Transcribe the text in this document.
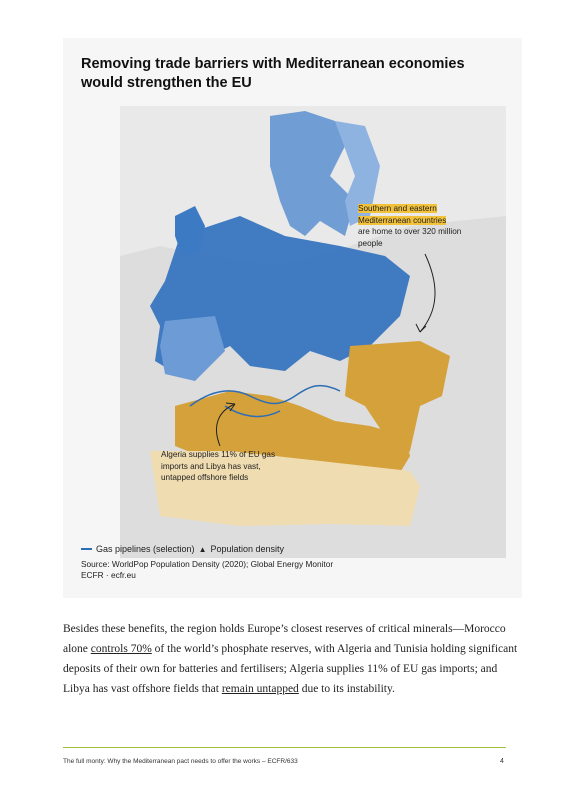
Removing trade barriers with Mediterranean economies would strengthen the EU
Southern and eastern
Mediterranean countries
are home to over 320 million
people
Algeria supplies 11% of EU gas
imports and Libya has vast,
untapped offshore fields
Gas pipelines (selection) ▲ Population density
Source: WorldPop Population Density (2020); Global Energy Monitor
ECFR · ecfr.eu

Besides these benefits, the region holds Europe’s closest reserves of critical minerals—Morocco alone controls 70% of the world’s phosphate reserves, with Algeria and Tunisia holding significant deposits of their own for batteries and fertilisers; Algeria supplies 11% of EU gas imports; and Libya has vast offshore fields that remain untapped due to its instability.

The full monty: Why the Mediterranean pact needs to offer the works – ECFR/633	4
